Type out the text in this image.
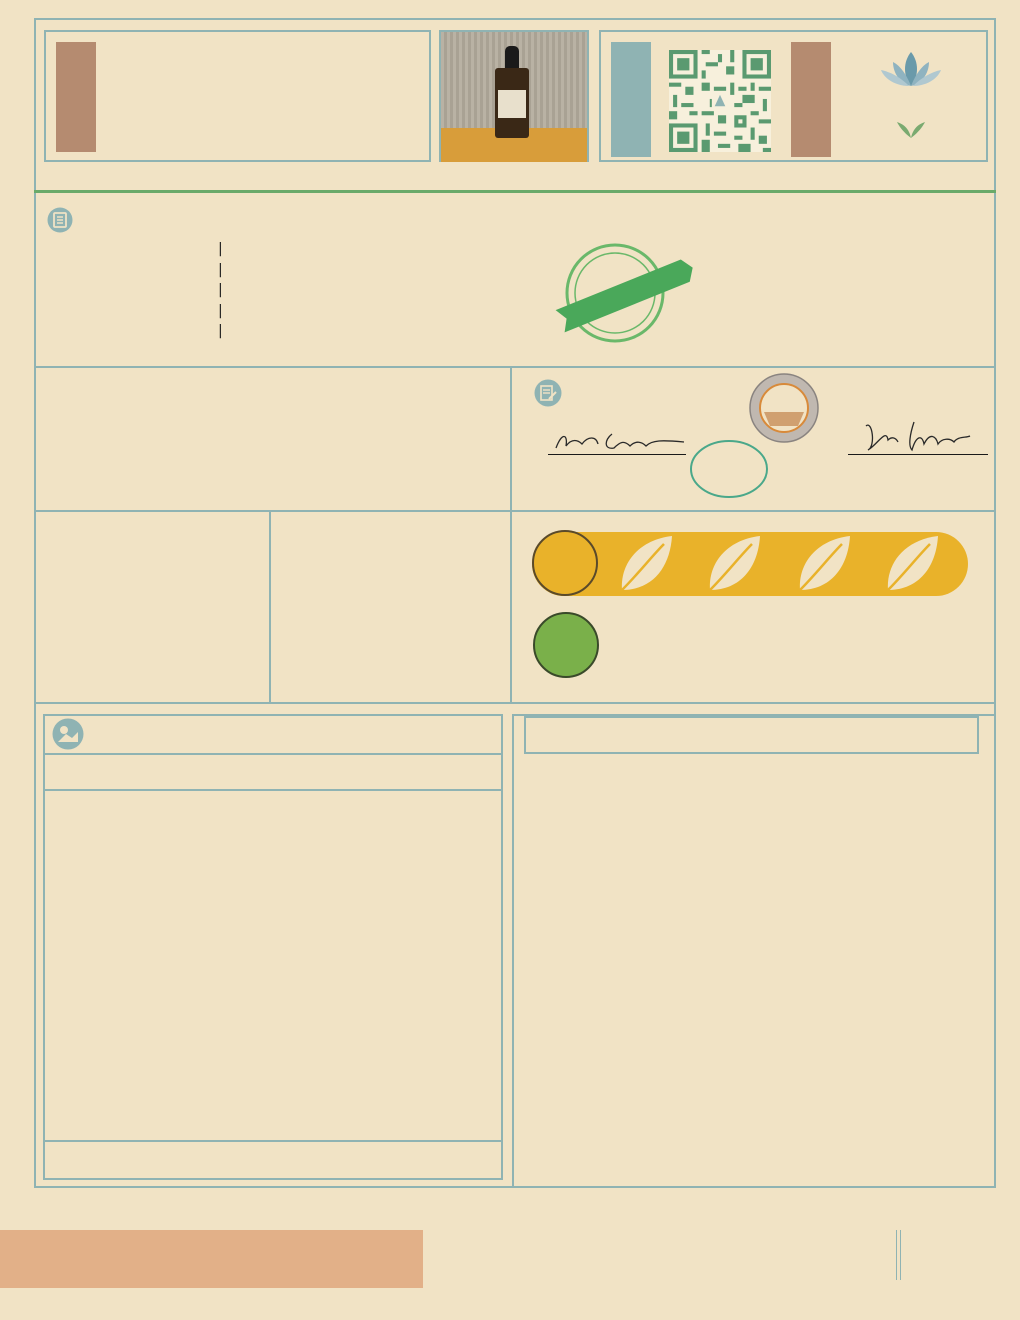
|
|
|
|
|
